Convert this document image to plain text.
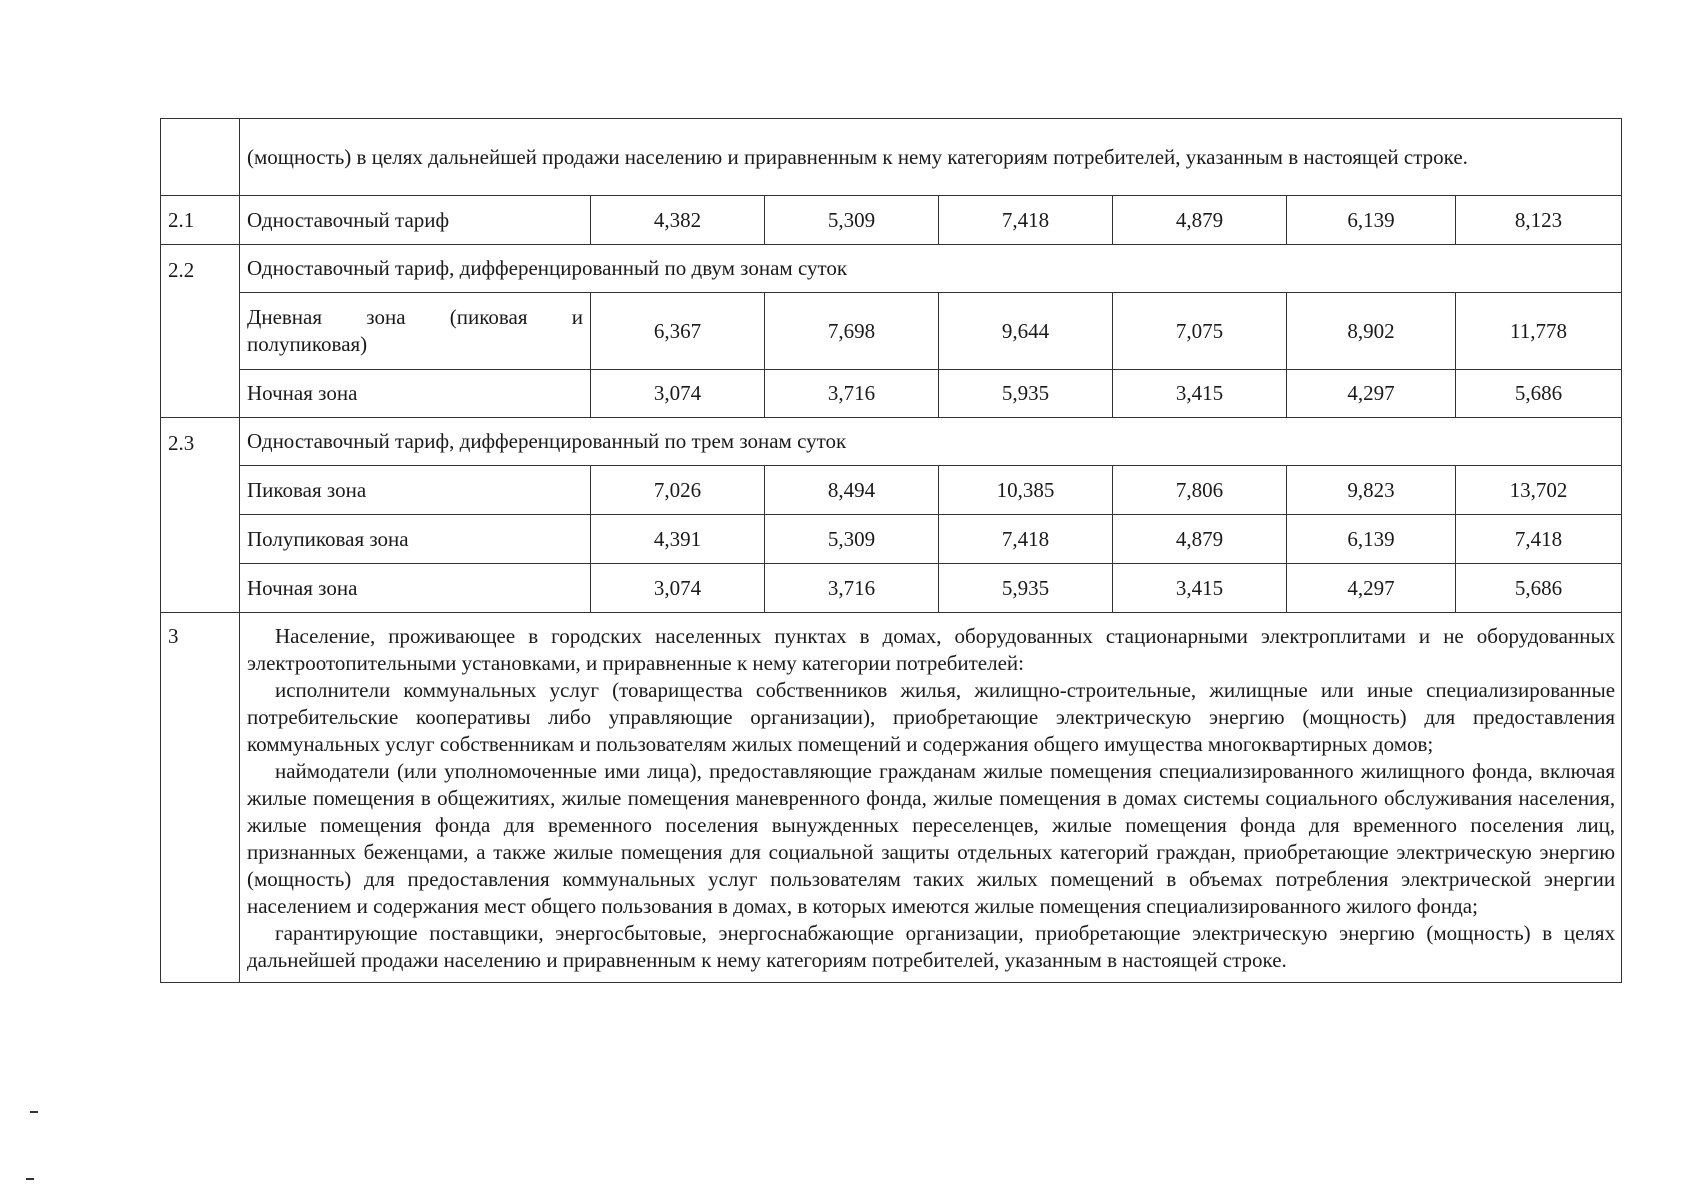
	(мощность) в целях дальнейшей продажи населению и приравненным к нему категориям потребителей, указанным в настоящей строке.						
2.1	Одноставочный тариф	4,382	5,309	7,418	4,879	6,139	8,123
2.2	Одноставочный тариф, дифференцированный по двум зонам суток						
	Дневная зона (пиковая и полупиковая)	6,367	7,698	9,644	7,075	8,902	11,778
	Ночная зона	3,074	3,716	5,935	3,415	4,297	5,686
2.3	Одноставочный тариф, дифференцированный по трем зонам суток						
	Пиковая зона	7,026	8,494	10,385	7,806	9,823	13,702
	Полупиковая зона	4,391	5,309	7,418	4,879	6,139	7,418
	Ночная зона	3,074	3,716	5,935	3,415	4,297	5,686
3	Население, проживающее в городских населенных пунктах в домах, оборудованных стационарными электроплитами и не оборудованных электроотопительными установками, и приравненные к нему категории потребителей:

исполнители коммунальных услуг (товарищества собственников жилья, жилищно-строительные, жилищные или иные специализированные потребительские кооперативы либо управляющие организации), приобретающие электрическую энергию (мощность) для предоставления коммунальных услуг собственникам и пользователям жилых помещений и содержания общего имущества многоквартирных домов;

наймодатели (или уполномоченные ими лица), предоставляющие гражданам жилые помещения специализированного жилищного фонда, включая жилые помещения в общежитиях, жилые помещения маневренного фонда, жилые помещения в домах системы социального обслуживания населения, жилые помещения фонда для временного поселения вынужденных переселенцев, жилые помещения фонда для временного поселения лиц, признанных беженцами, а также жилые помещения для социальной защиты отдельных категорий граждан, приобретающие электрическую энергию (мощность) для предоставления коммунальных услуг пользователям таких жилых помещений в объемах потребления электрической энергии населением и содержания мест общего пользования в домах, в которых имеются жилые помещения специализированного жилого фонда;

гарантирующие поставщики, энергосбытовые, энергоснабжающие организации, приобретающие электрическую энергию (мощность) в целях дальнейшей продажи населению и приравненным к нему категориям потребителей, указанным в настоящей строке.						
